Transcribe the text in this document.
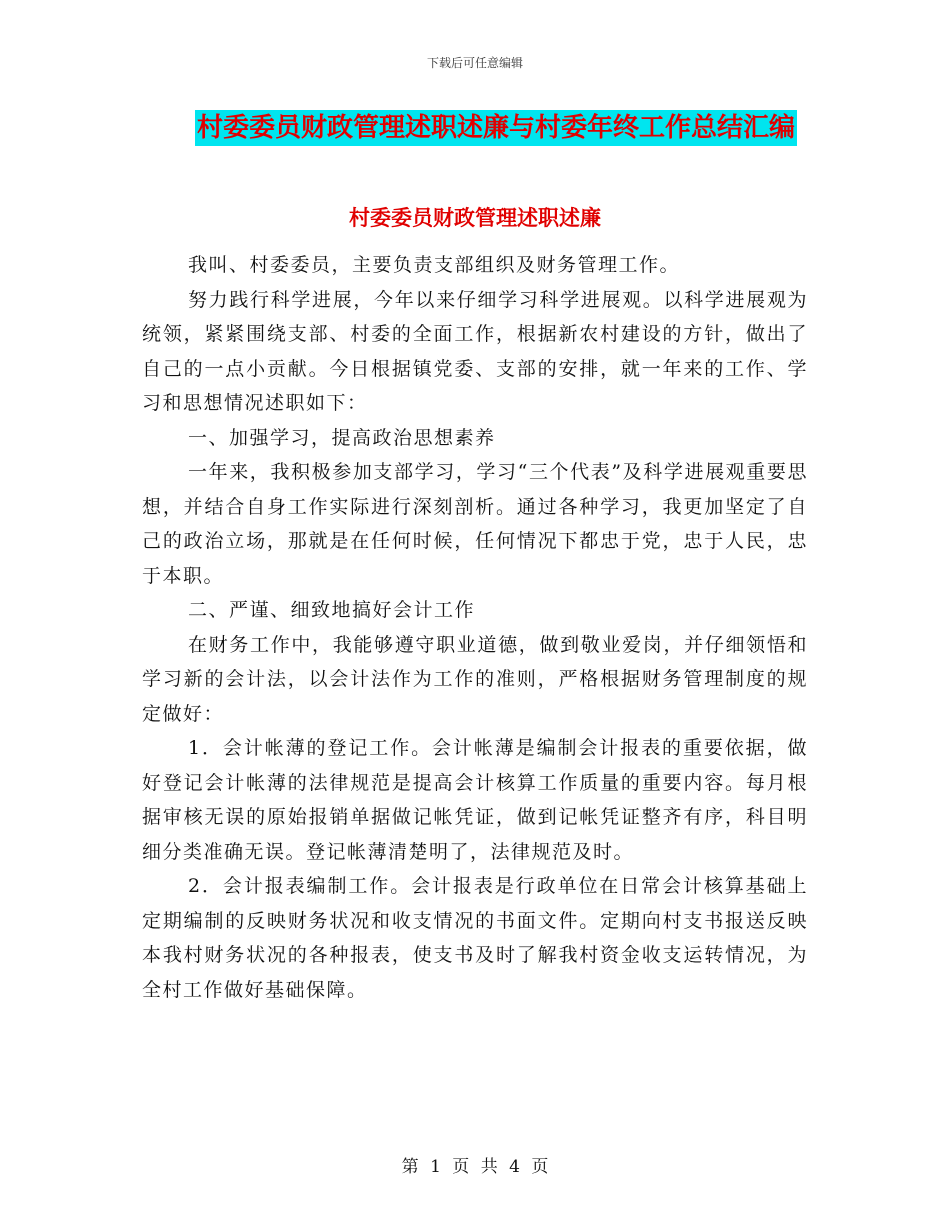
下载后可任意编辑
村委委员财政管理述职述廉与村委年终工作总结汇编
村委委员财政管理述职述廉

我叫、村委委员，主要负责支部组织及财务管理工作。

努力践行科学进展，今年以来仔细学习科学进展观。以科学进展观为统领，紧紧围绕支部、村委的全面工作，根据新农村建设的方针，做出了自己的一点小贡献。今日根据镇党委、支部的安排，就一年来的工作、学习和思想情况述职如下：

一、加强学习，提高政治思想素养

一年来，我积极参加支部学习，学习“三个代表”及科学进展观重要思想，并结合自身工作实际进行深刻剖析。通过各种学习，我更加坚定了自己的政治立场，那就是在任何时候，任何情况下都忠于党，忠于人民，忠于本职。

二、严谨、细致地搞好会计工作

在财务工作中，我能够遵守职业道德，做到敬业爱岗，并仔细领悟和学习新的会计法，以会计法作为工作的准则，严格根据财务管理制度的规定做好：

1．会计帐薄的登记工作。会计帐薄是编制会计报表的重要依据，做好登记会计帐薄的法律规范是提高会计核算工作质量的重要内容。每月根据审核无误的原始报销单据做记帐凭证，做到记帐凭证整齐有序，科目明细分类准确无误。登记帐薄清楚明了，法律规范及时。

2．会计报表编制工作。会计报表是行政单位在日常会计核算基础上定期编制的反映财务状况和收支情况的书面文件。定期向村支书报送反映本我村财务状况的各种报表，使支书及时了解我村资金收支运转情况，为全村工作做好基础保障。

第 1 页 共 4 页
